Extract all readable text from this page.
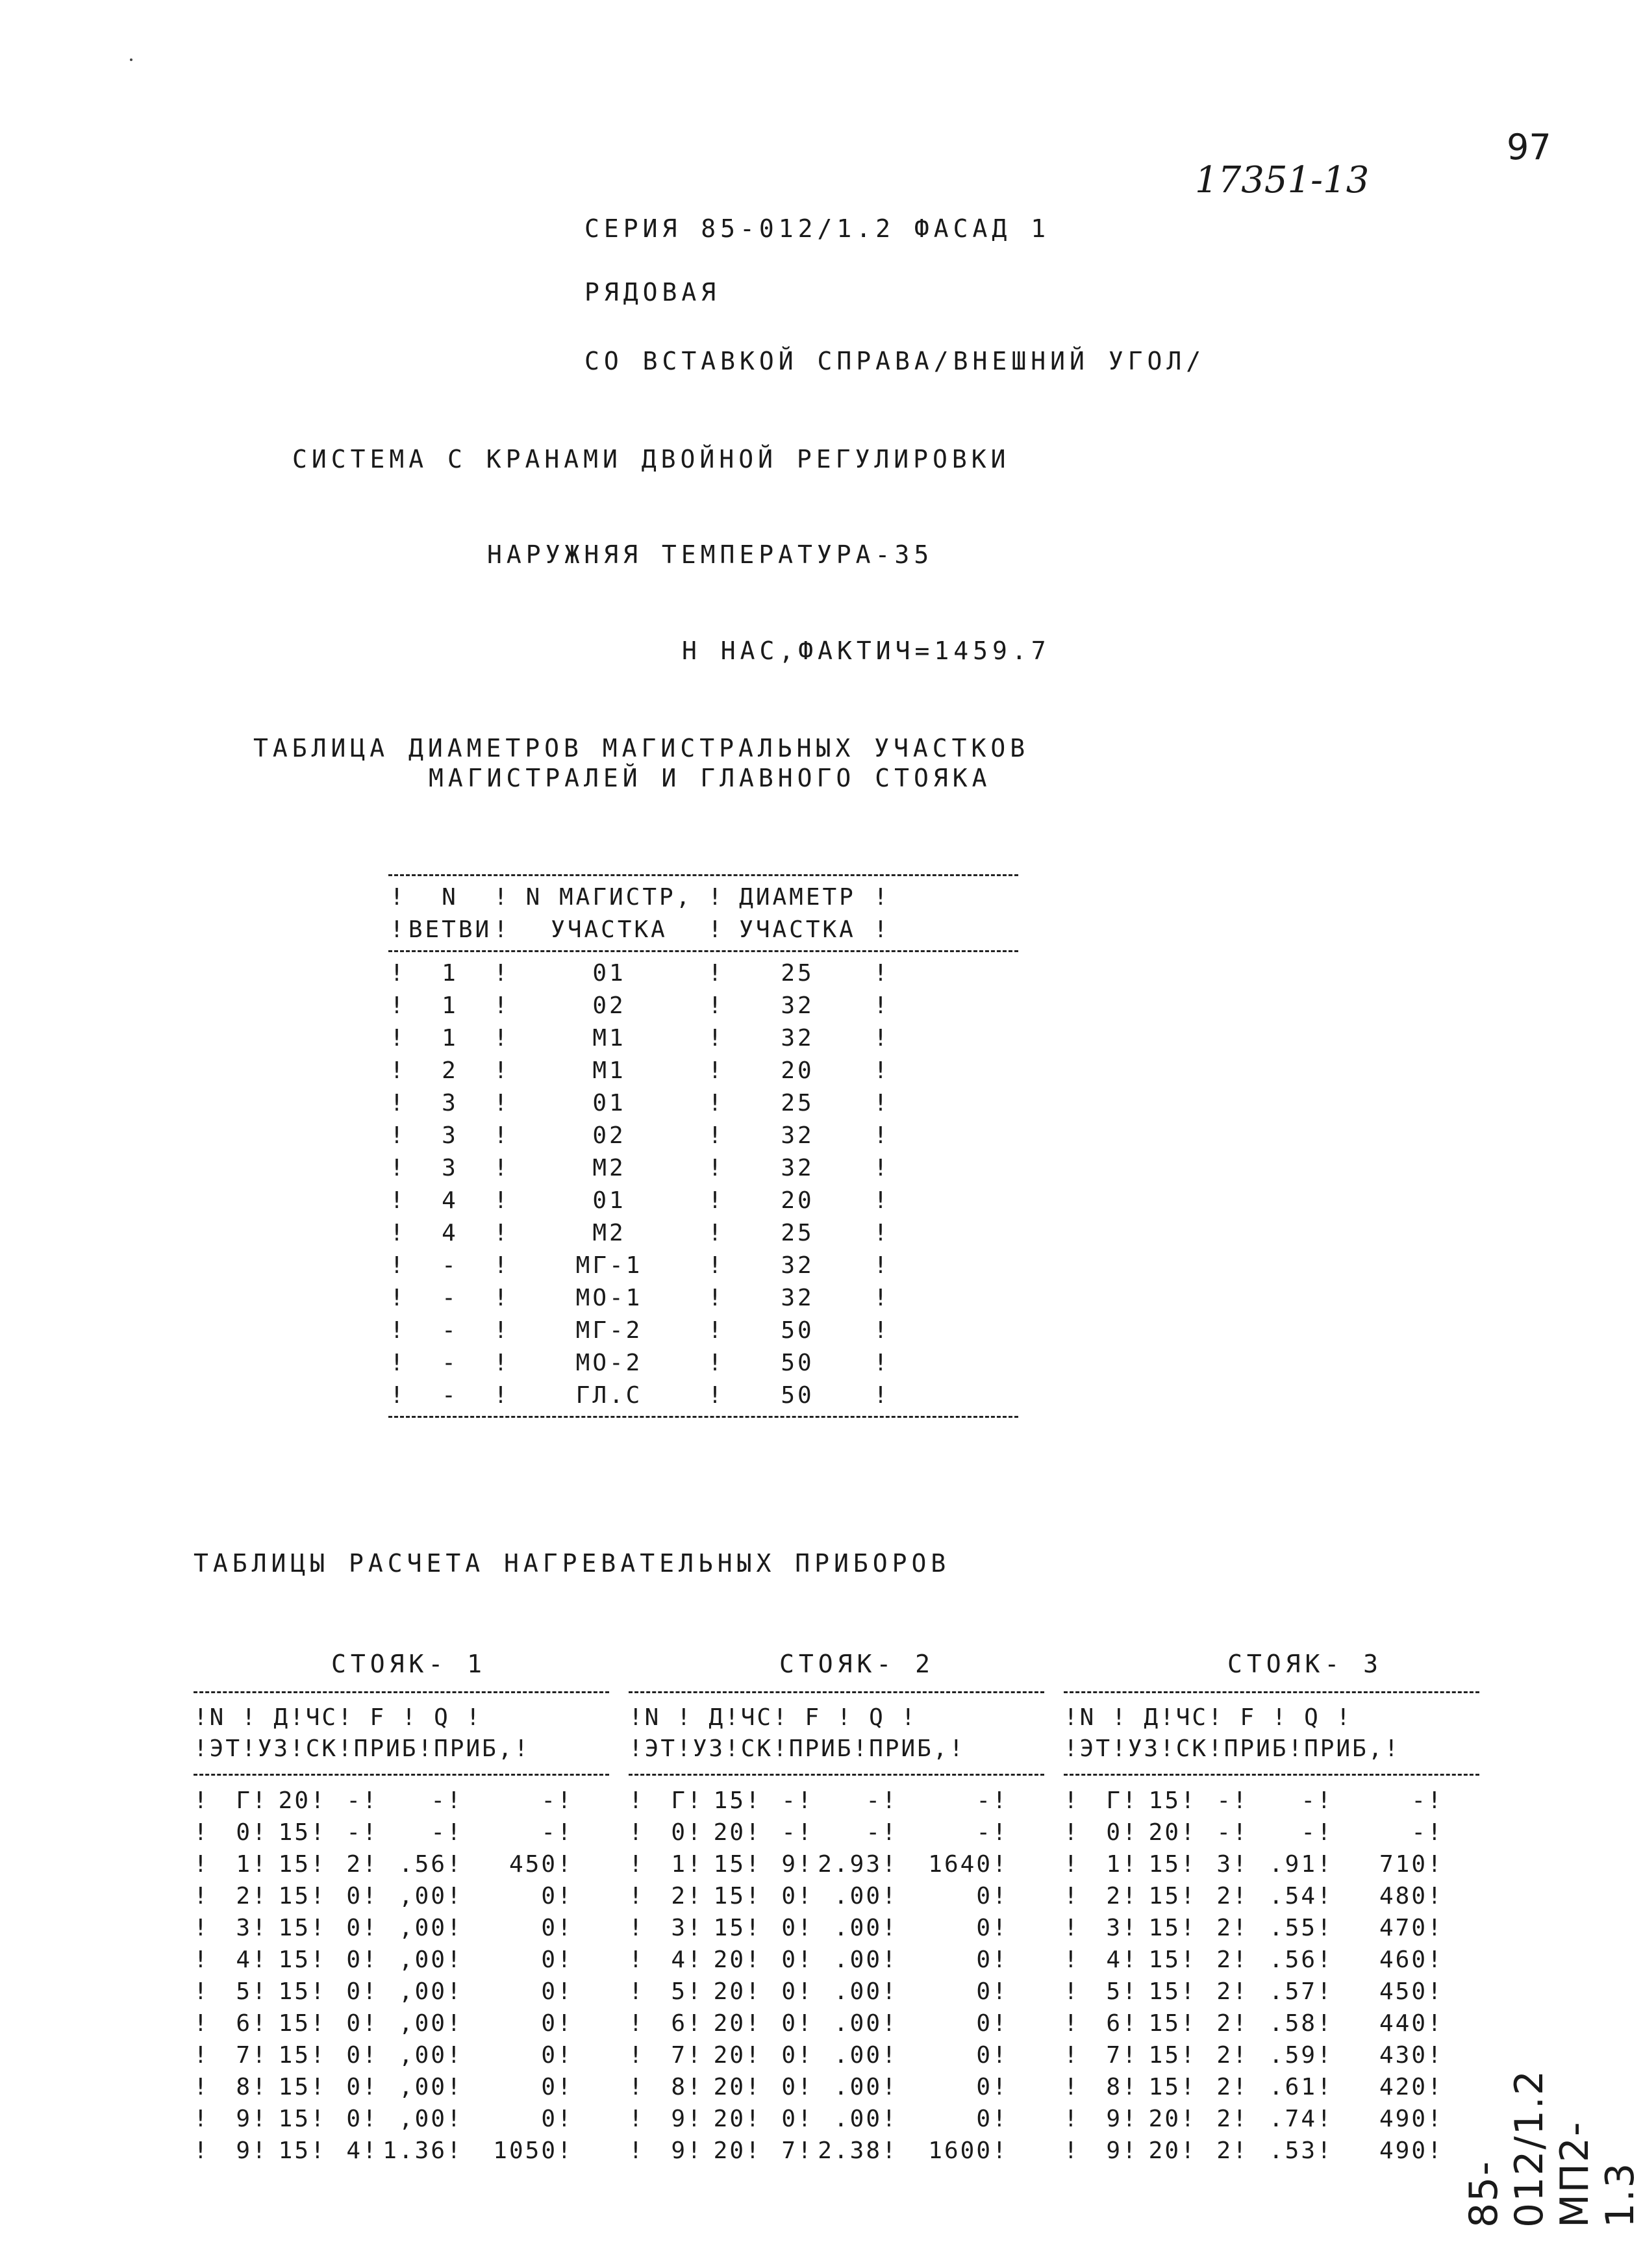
97
17351-13
СЕРИЯ 85-012/1.2 ФАСАД 1
РЯДОВАЯ
СО ВСТАВКОЙ СПРАВА/ВНЕШНИЙ УГОЛ/
СИСТЕМА С КРАНАМИ ДВОЙНОЙ РЕГУЛИРОВКИ
НАРУЖНЯЯ ТЕМПЕРАТУРА-35
Н НАС,ФАКТИЧ=1459.7
ТАБЛИЦА ДИАМЕТРОВ МАГИСТРАЛЬНЫХ УЧАСТКОВ
МАГИСТРАЛЕЙ И ГЛАВНОГО СТОЯКА
!	N	! N МАГИСТР, ! ДИАМЕТР !
! ВЕТВИ !	УЧАСТКА	! УЧАСТКА !
!	1	!	01	!	25	!
!	1	!	02	!	32	!
!	1	!	М1	!	32	!
!	2	!	М1	!	20	!
!	3	!	01	!	25	!
!	3	!	02	!	32	!
!	3	!	М2	!	32	!
!	4	!	01	!	20	!
!	4	!	М2	!	25	!
!	-	!	МГ-1	!	32	!
!	-	!	МО-1	!	32	!
!	-	!	МГ-2	!	50	!
!	-	!	МО-2	!	50	!
!	-	!	ГЛ.С	!	50	!
ТАБЛИЦЫ РАСЧЕТА НАГРЕВАТЕЛЬНЫХ ПРИБОРОВ
СТОЯК- 1	СТОЯК- 2	СТОЯК- 3
!N ! Д!ЧС! F ! Q !
!ЭТ!УЗ!СК!ПРИБ!ПРИБ,!
!	Г ! 20 ! - !	- !	- !
!	0 ! 15 ! - !	- !	- !
!	1 ! 15 ! 2 ! .56 !	450 !
!	2 ! 15 ! 0 ! ,00 !	0 !
!	3 ! 15 ! 0 ! ,00 !	0 !
!	4 ! 15 ! 0 ! ,00 !	0 !
!	5 ! 15 ! 0 ! ,00 !	0 !
!	6 ! 15 ! 0 ! ,00 !	0 !
!	7 ! 15 ! 0 ! ,00 !	0 !
!	8 ! 15 ! 0 ! ,00 !	0 !
!	9 ! 15 ! 0 ! ,00 !	0 !
!	9 ! 15 ! 4 ! 1.36 !	1050 !
!N ! Д!ЧС! F ! Q !
!ЭТ!УЗ!СК!ПРИБ!ПРИБ,!
!	Г ! 15 ! - !	- !	- !
!	0 ! 20 ! - !	- !	- !
!	1 ! 15 ! 9 ! 2.93 !	1640 !
!	2 ! 15 ! 0 ! .00 !	0 !
!	3 ! 15 ! 0 ! .00 !	0 !
!	4 ! 20 ! 0 ! .00 !	0 !
!	5 ! 20 ! 0 ! .00 !	0 !
!	6 ! 20 ! 0 ! .00 !	0 !
!	7 ! 20 ! 0 ! .00 !	0 !
!	8 ! 20 ! 0 ! .00 !	0 !
!	9 ! 20 ! 0 ! .00 !	0 !
!	9 ! 20 ! 7 ! 2.38 !	1600 !
!N ! Д!ЧС! F ! Q !
!ЭТ!УЗ!СК!ПРИБ!ПРИБ,!
!	Г ! 15 ! - !	- !	- !
!	0 ! 20 ! - !	- !	- !
!	1 ! 15 ! 3 ! .91 !	710 !
!	2 ! 15 ! 2 ! .54 !	480 !
!	3 ! 15 ! 2 ! .55 !	470 !
!	4 ! 15 ! 2 ! .56 !	460 !
!	5 ! 15 ! 2 ! .57 !	450 !
!	6 ! 15 ! 2 ! .58 !	440 !
!	7 ! 15 ! 2 ! .59 !	430 !
!	8 ! 15 ! 2 ! .61 !	420 !
!	9 ! 20 ! 2 ! .74 !	490 !
!	9 ! 20 ! 2 ! .53 !	490 !
85-012/1.2 МП2-1.3
